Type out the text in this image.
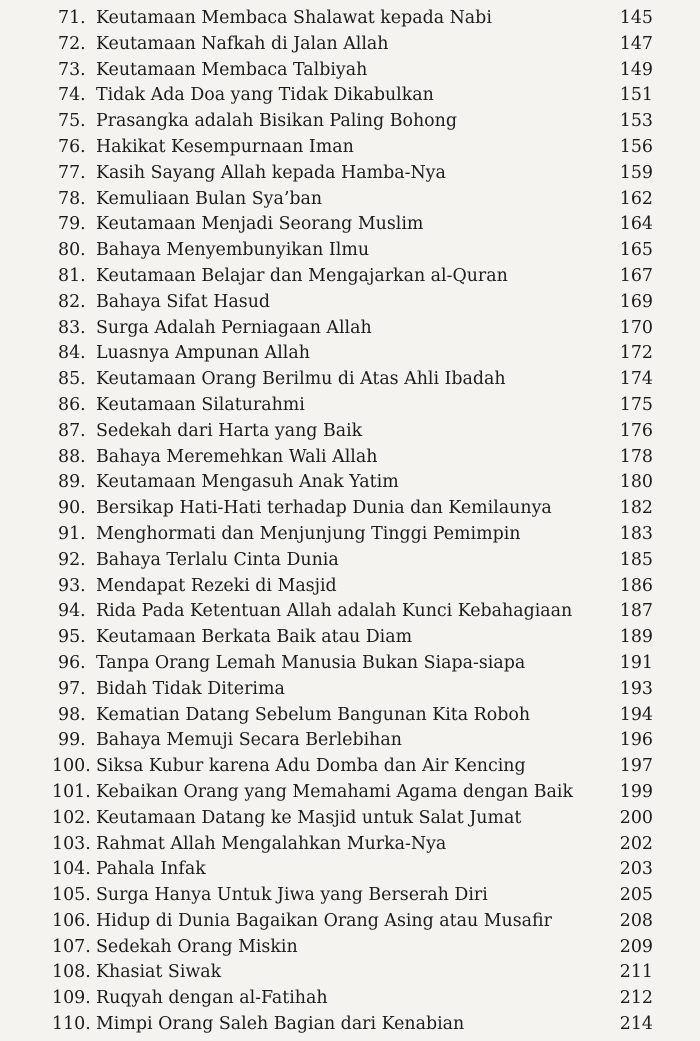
71. Keutamaan Membaca Shalawat kepada Nabi	145
72. Keutamaan Nafkah di Jalan Allah	147
73. Keutamaan Membaca Talbiyah	149
74. Tidak Ada Doa yang Tidak Dikabulkan	151
75. Prasangka adalah Bisikan Paling Bohong	153
76. Hakikat Kesempurnaan Iman	156
77. Kasih Sayang Allah kepada Hamba-Nya	159
78. Kemuliaan Bulan Sya’ban	162
79. Keutamaan Menjadi Seorang Muslim	164
80. Bahaya Menyembunyikan Ilmu	165
81. Keutamaan Belajar dan Mengajarkan al-Quran	167
82. Bahaya Sifat Hasud	169
83. Surga Adalah Perniagaan Allah	170
84. Luasnya Ampunan Allah	172
85. Keutamaan Orang Berilmu di Atas Ahli Ibadah	174
86. Keutamaan Silaturahmi	175
87. Sedekah dari Harta yang Baik	176
88. Bahaya Meremehkan Wali Allah	178
89. Keutamaan Mengasuh Anak Yatim	180
90. Bersikap Hati-Hati terhadap Dunia dan Kemilaunya	182
91. Menghormati dan Menjunjung Tinggi Pemimpin	183
92. Bahaya Terlalu Cinta Dunia	185
93. Mendapat Rezeki di Masjid	186
94. Rida Pada Ketentuan Allah adalah Kunci Kebahagiaan	187
95. Keutamaan Berkata Baik atau Diam	189
96. Tanpa Orang Lemah Manusia Bukan Siapa-siapa	191
97. Bidah Tidak Diterima	193
98. Kematian Datang Sebelum Bangunan Kita Roboh	194
99. Bahaya Memuji Secara Berlebihan	196
100. Siksa Kubur karena Adu Domba dan Air Kencing	197
101. Kebaikan Orang yang Memahami Agama dengan Baik	199
102. Keutamaan Datang ke Masjid untuk Salat Jumat	200
103. Rahmat Allah Mengalahkan Murka-Nya	202
104. Pahala Infak	203
105. Surga Hanya Untuk Jiwa yang Berserah Diri	205
106. Hidup di Dunia Bagaikan Orang Asing atau Musafir	208
107. Sedekah Orang Miskin	209
108. Khasiat Siwak	211
109. Ruqyah dengan al-Fatihah	212
110. Mimpi Orang Saleh Bagian dari Kenabian	214
